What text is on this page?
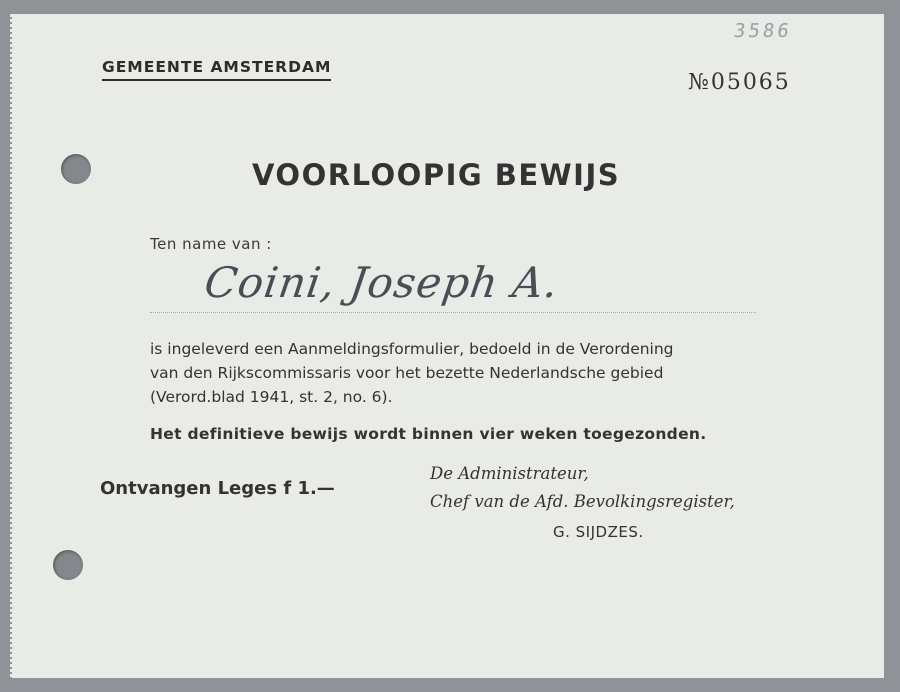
GEMEENTE AMSTERDAM
3586
№05065
VOORLOOPIG BEWIJS
Ten name van :
Coini, Joseph A.
is ingeleverd een Aanmeldingsformulier, bedoeld in de Verordening
van den Rijkscommissaris voor het bezette Nederlandsche gebied
(Verord.blad 1941, st. 2, no. 6).
Het definitieve bewijs wordt binnen vier weken toegezonden.
Ontvangen Leges f 1.—
De Administrateur,
Chef van de Afd. Bevolkingsregister,
G. SIJDZES.
